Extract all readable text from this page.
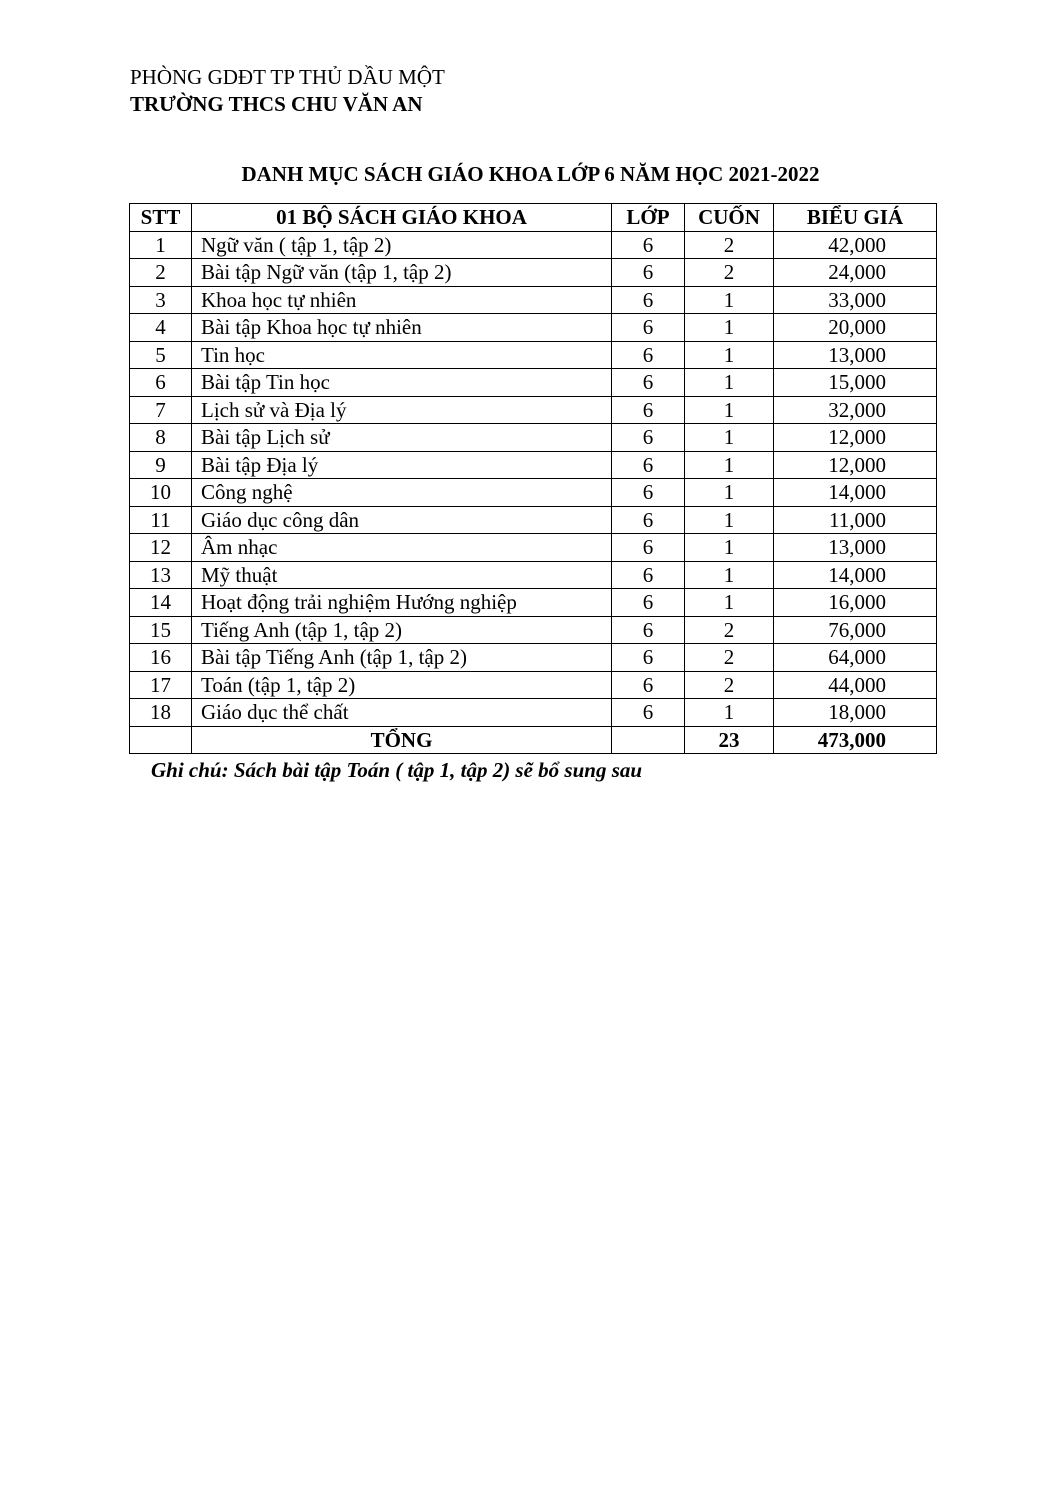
PHÒNG GDĐT TP THỦ DẦU MỘT
TRƯỜNG THCS CHU VĂN AN
DANH MỤC SÁCH GIÁO KHOA LỚP 6 NĂM HỌC 2021-2022
STT	01 BỘ SÁCH GIÁO KHOA	LỚP	CUỐN	BIỂU GIÁ
1	Ngữ văn ( tập 1, tập 2)	6	2	42,000
2	Bài tập Ngữ văn (tập 1, tập 2)	6	2	24,000
3	Khoa học tự nhiên	6	1	33,000
4	Bài tập Khoa học tự nhiên	6	1	20,000
5	Tin học	6	1	13,000
6	Bài tập Tin học	6	1	15,000
7	Lịch sử và Địa lý	6	1	32,000
8	Bài tập Lịch sử	6	1	12,000
9	Bài tập Địa lý	6	1	12,000
10	Công nghệ	6	1	14,000
11	Giáo dục công dân	6	1	11,000
12	Âm nhạc	6	1	13,000
13	Mỹ thuật	6	1	14,000
14	Hoạt động trải nghiệm Hướng nghiệp	6	1	16,000
15	Tiếng Anh (tập 1, tập 2)	6	2	76,000
16	Bài tập Tiếng Anh (tập 1, tập 2)	6	2	64,000
17	Toán (tập 1, tập 2)	6	2	44,000
18	Giáo dục thể chất	6	1	18,000
	TỔNG		23	473,000
Ghi chú: Sách bài tập Toán ( tập 1, tập 2) sẽ bổ sung sau
